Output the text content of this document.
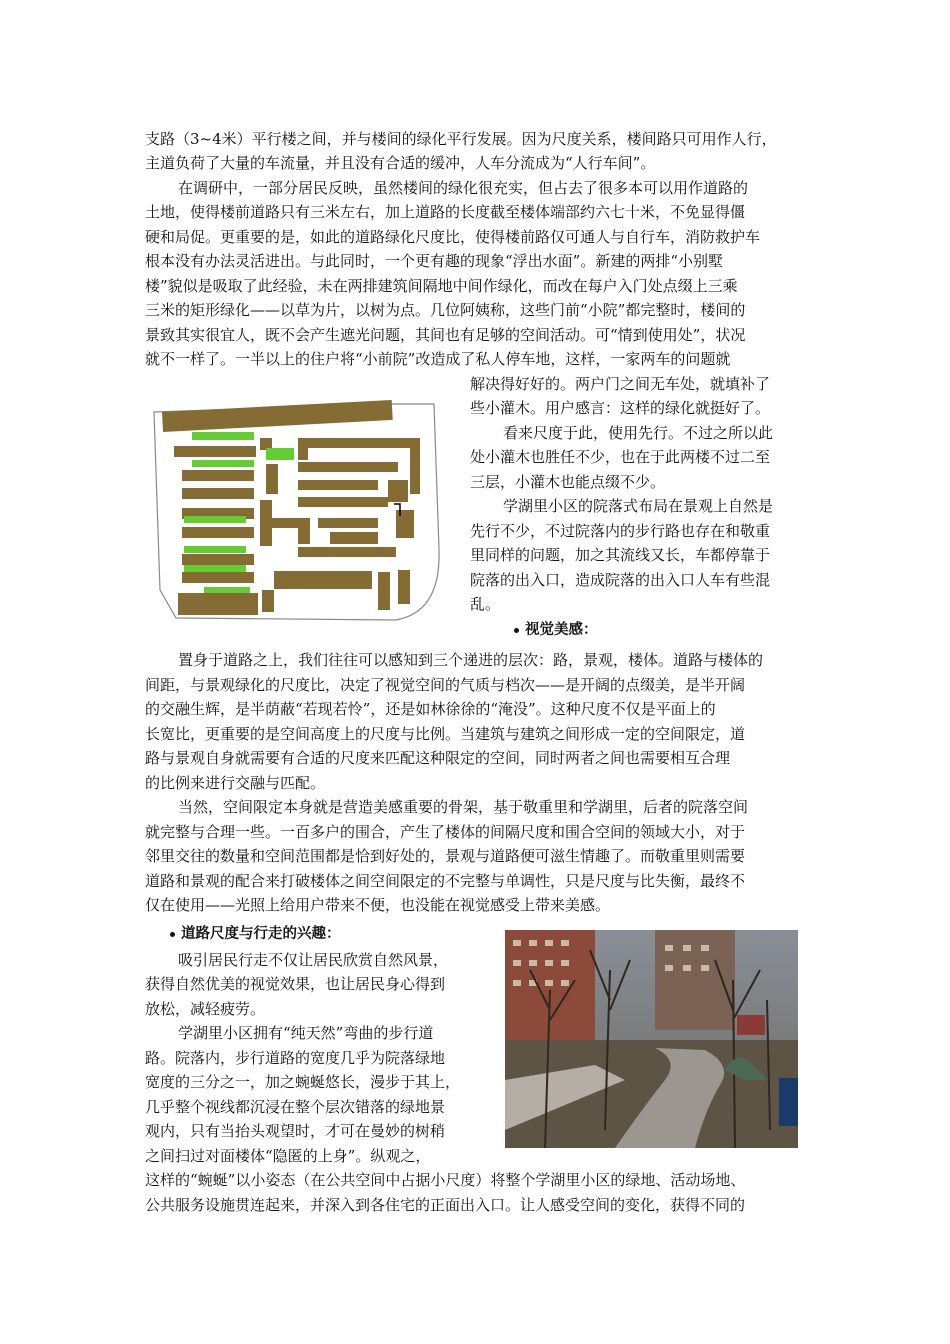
支路（3~4米）平行楼之间，并与楼间的绿化平行发展。因为尺度关系，楼间路只可用作人行，
主道负荷了大量的车流量，并且没有合适的缓冲，人车分流成为“人行车间”。
在调研中，一部分居民反映，虽然楼间的绿化很充实，但占去了很多本可以用作道路的
土地，使得楼前道路只有三米左右，加上道路的长度截至楼体端部约六七十米，不免显得僵
硬和局促。更重要的是，如此的道路绿化尺度比，使得楼前路仅可通人与自行车，消防救护车
根本没有办法灵活进出。与此同时，一个更有趣的现象“浮出水面”。新建的两排“小别墅
楼”貌似是吸取了此经验，未在两排建筑间隔地中间作绿化，而改在每户入门处点缀上三乘
三米的矩形绿化——以草为片，以树为点。几位阿姨称，这些门前“小院”都完整时，楼间的
景致其实很宜人，既不会产生遮光问题，其间也有足够的空间活动。可“情到使用处”，状况
就不一样了。一半以上的住户将“小前院”改造成了私人停车地，这样，一家两车的问题就
解决得好好的。两户门之间无车处，就填补了
些小灌木。用户感言：这样的绿化就挺好了。
看来尺度于此，使用先行。不过之所以此
处小灌木也胜任不少，也在于此两楼不过二至
三层，小灌木也能点缀不少。
学湖里小区的院落式布局在景观上自然是
先行不少，不过院落内的步行路也存在和敬重
里同样的问题，加之其流线又长，车都停靠于
院落的出入口，造成院落的出入口人车有些混
乱。
视觉美感：
置身于道路之上，我们往往可以感知到三个递进的层次：路，景观，楼体。道路与楼体的
间距，与景观绿化的尺度比，决定了视觉空间的气质与档次——是开阔的点缀美，是半开阔
的交融生辉，是半荫蔽“若现若怜”，还是如林徐徐的“淹没”。这种尺度不仅是平面上的
长宽比，更重要的是空间高度上的尺度与比例。当建筑与建筑之间形成一定的空间限定，道
路与景观自身就需要有合适的尺度来匹配这种限定的空间，同时两者之间也需要相互合理
的比例来进行交融与匹配。
当然，空间限定本身就是营造美感重要的骨架，基于敬重里和学湖里，后者的院落空间
就完整与合理一些。一百多户的围合，产生了楼体的间隔尺度和围合空间的领域大小，对于
邻里交往的数量和空间范围都是恰到好处的，景观与道路便可滋生情趣了。而敬重里则需要
道路和景观的配合来打破楼体之间空间限定的不完整与单调性，只是尺度与比失衡，最终不
仅在使用——光照上给用户带来不便，也没能在视觉感受上带来美感。
道路尺度与行走的兴趣：
吸引居民行走不仅让居民欣赏自然风景，
获得自然优美的视觉效果，也让居民身心得到
放松，减轻疲劳。
学湖里小区拥有“纯天然”弯曲的步行道
路。院落内，步行道路的宽度几乎为院落绿地
宽度的三分之一，加之蜿蜒悠长，漫步于其上，
几乎整个视线都沉浸在整个层次错落的绿地景
观内，只有当抬头观望时，才可在曼妙的树稍
之间扫过对面楼体“隐匿的上身”。纵观之，
这样的“蜿蜒”以小姿态（在公共空间中占据小尺度）将整个学湖里小区的绿地、活动场地、
公共服务设施贯连起来，并深入到各住宅的正面出入口。让人感受空间的变化，获得不同的
